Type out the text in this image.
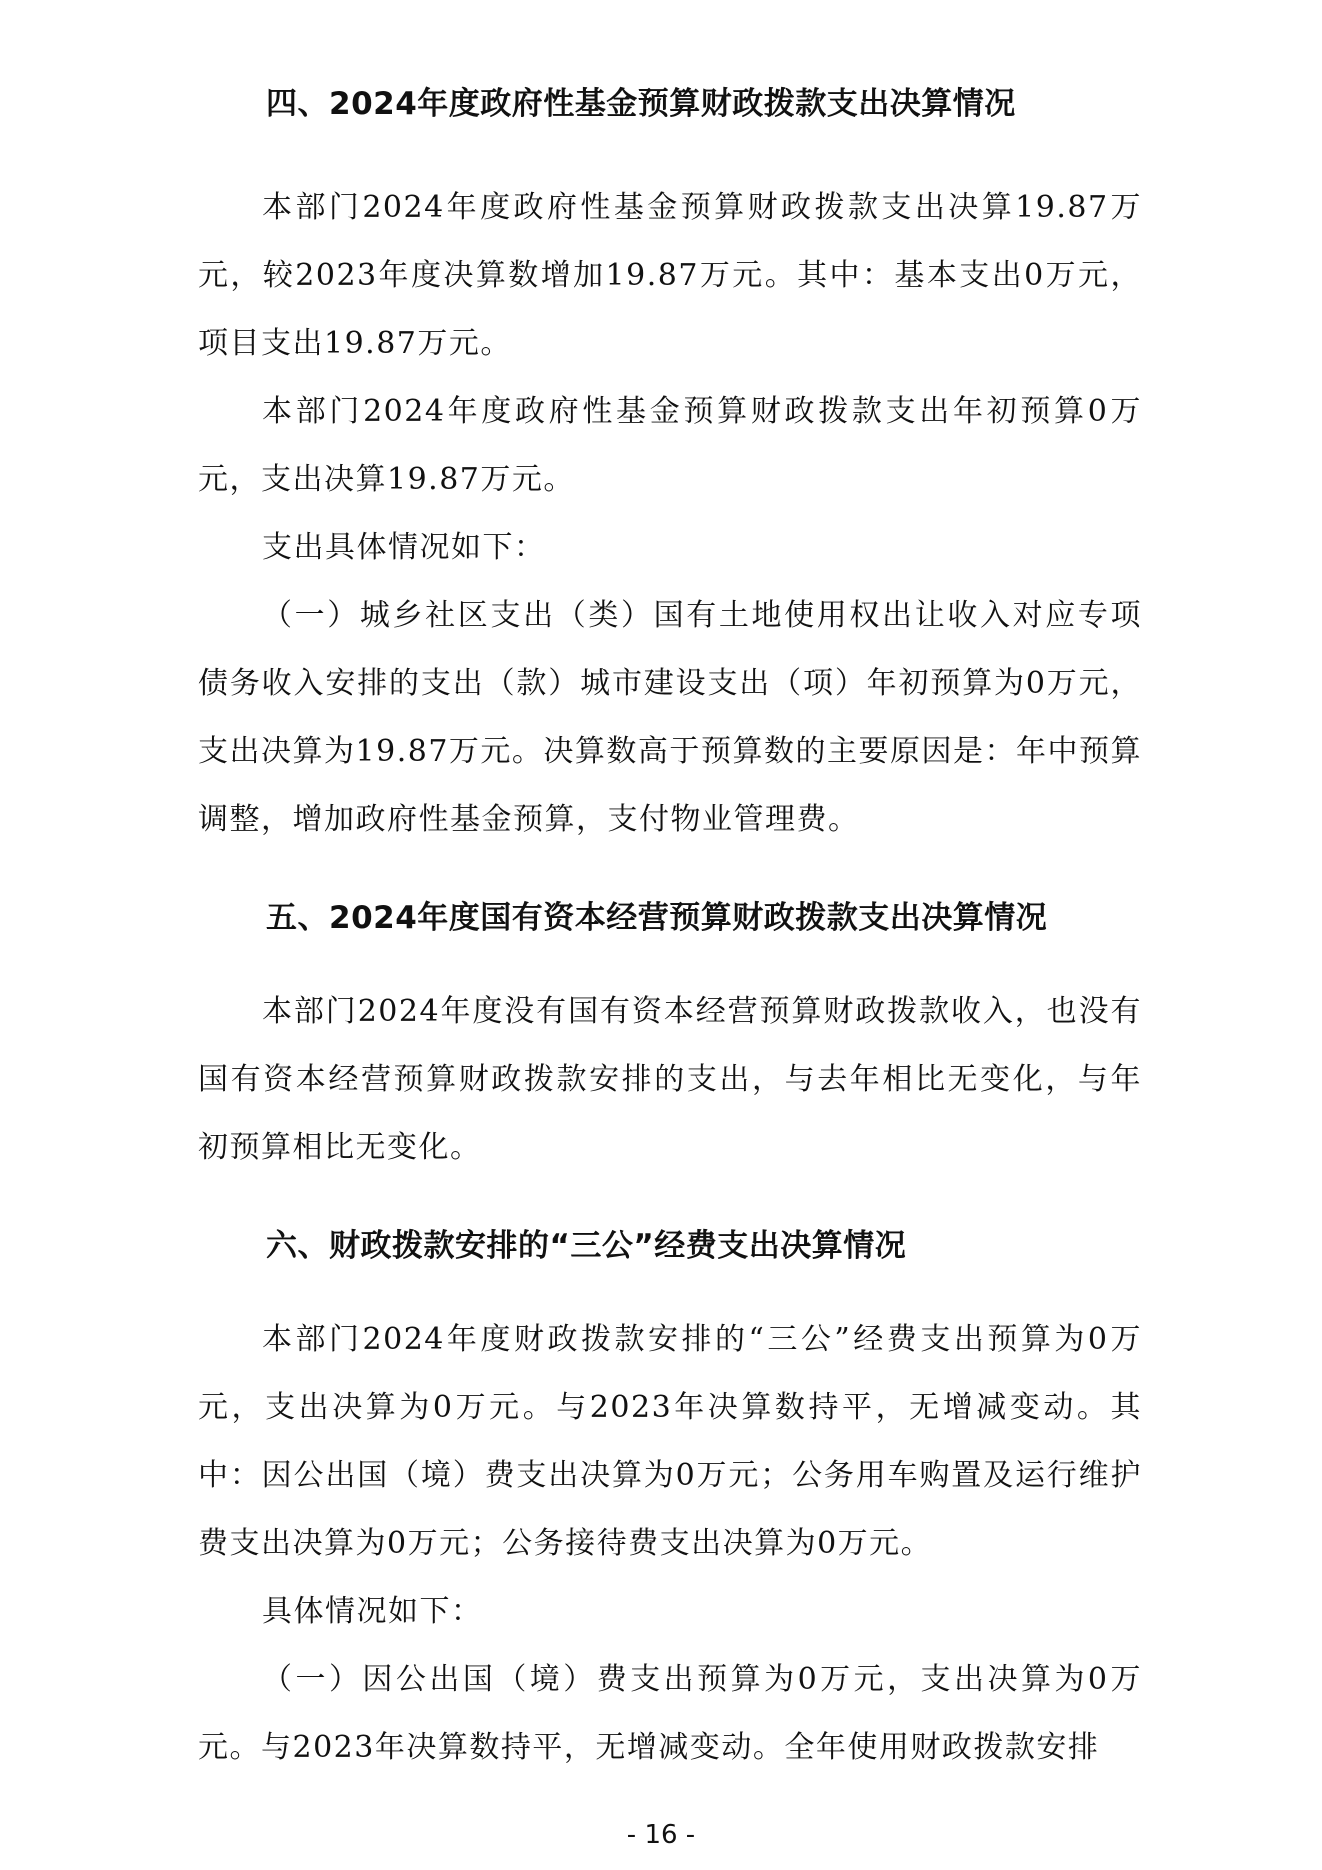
四、2024年度政府性基金预算财政拨款支出决算情况

本部门2024年度政府性基金预算财政拨款支出决算19.87万元，较2023年度决算数增加19.87万元。其中：基本支出0万元，项目支出19.87万元。

本部门2024年度政府性基金预算财政拨款支出年初预算0万元，支出决算19.87万元。

支出具体情况如下：

（一）城乡社区支出（类）国有土地使用权出让收入对应专项债务收入安排的支出（款）城市建设支出（项）年初预算为0万元，支出决算为19.87万元。决算数高于预算数的主要原因是：年中预算调整，增加政府性基金预算，支付物业管理费。

五、2024年度国有资本经营预算财政拨款支出决算情况

本部门2024年度没有国有资本经营预算财政拨款收入，也没有国有资本经营预算财政拨款安排的支出，与去年相比无变化，与年初预算相比无变化。

六、财政拨款安排的“三公”经费支出决算情况

本部门2024年度财政拨款安排的“三公”经费支出预算为0万元，支出决算为0万元。与2023年决算数持平，无增减变动。其中：因公出国（境）费支出决算为0万元；公务用车购置及运行维护费支出决算为0万元；公务接待费支出决算为0万元。

具体情况如下：

（一）因公出国（境）费支出预算为0万元，支出决算为0万元。与2023年决算数持平，无增减变动。全年使用财政拨款安排

- 16 -
